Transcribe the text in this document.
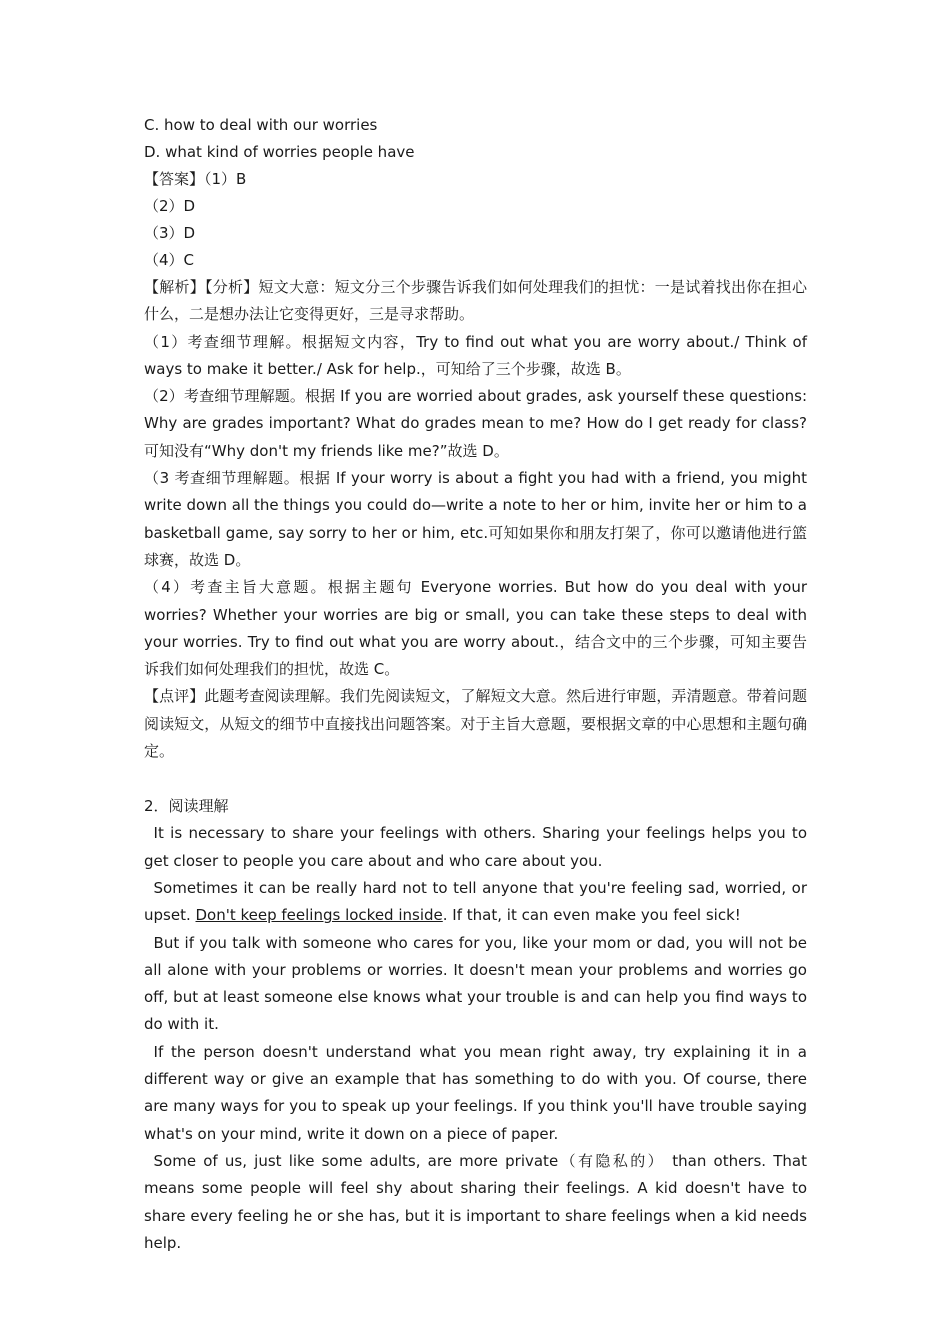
C. how to deal with our worries

D. what kind of worries people have

【答案】（1）B

（2）D

（3）D

（4）C

【解析】【分析】短文大意：短文分三个步骤告诉我们如何处理我们的担忧：一是试着找出你在担心什么，二是想办法让它变得更好，三是寻求帮助。

（1）考查细节理解。根据短文内容，Try to find out what you are worry about./ Think of ways to make it better./ Ask for help.，可知给了三个步骤，故选 B。

（2）考查细节理解题。根据 If you are worried about grades, ask yourself these questions: Why are grades important? What do grades mean to me? How do I get ready for class? 可知没有“Why don't my friends like me?”故选 D。

（3 考查细节理解题。根据 If your worry is about a fight you had with a friend, you might write down all the things you could do—write a note to her or him, invite her or him to a basketball game, say sorry to her or him, etc.可知如果你和朋友打架了，你可以邀请他进行篮球赛，故选 D。

（4）考查主旨大意题。根据主题句 Everyone worries. But how do you deal with your worries? Whether your worries are big or small, you can take these steps to deal with your worries. Try to find out what you are worry about.，结合文中的三个步骤，可知主要告诉我们如何处理我们的担忧，故选 C。

【点评】此题考查阅读理解。我们先阅读短文，了解短文大意。然后进行审题，弄清题意。带着问题阅读短文，从短文的细节中直接找出问题答案。对于主旨大意题，要根据文章的中心思想和主题句确定。

2．阅读理解

It is necessary to share your feelings with others. Sharing your feelings helps you to get closer to people you care about and who care about you.

Sometimes it can be really hard not to tell anyone that you're feeling sad, worried, or upset. Don't keep feelings locked inside. If that, it can even make you feel sick!

But if you talk with someone who cares for you, like your mom or dad, you will not be all alone with your problems or worries. It doesn't mean your problems and worries go off, but at least someone else knows what your trouble is and can help you find ways to do with it.

If the person doesn't understand what you mean right away, try explaining it in a different way or give an example that has something to do with you. Of course, there are many ways for you to speak up your feelings. If you think you'll have trouble saying what's on your mind, write it down on a piece of paper.

Some of us, just like some adults, are more private（有隐私的） than others. That means some people will feel shy about sharing their feelings. A kid doesn't have to share every feeling he or she has, but it is important to share feelings when a kid needs help.
